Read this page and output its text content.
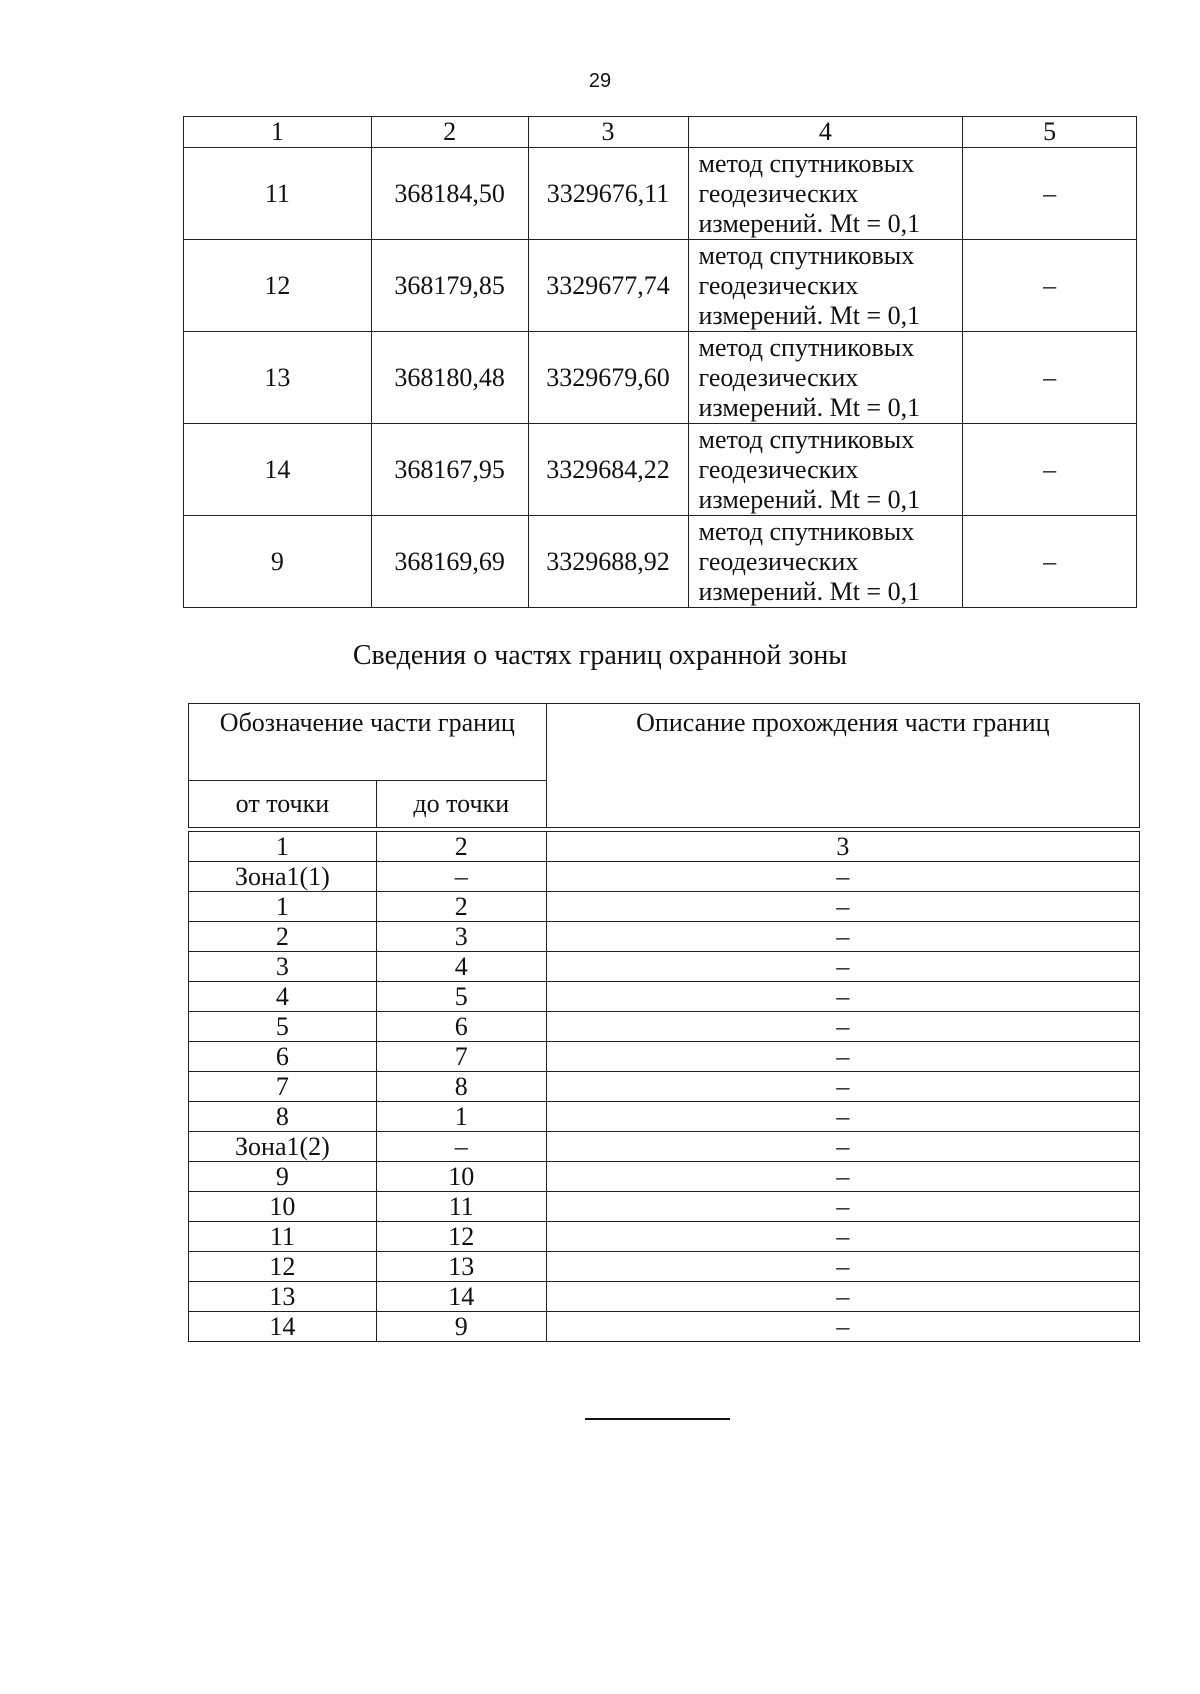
29
1	2	3	4	5
11	368184,50	3329676,11	метод спутниковых
геодезических
измерений. Mt = 0,1	–
12	368179,85	3329677,74	метод спутниковых
геодезических
измерений. Mt = 0,1	–
13	368180,48	3329679,60	метод спутниковых
геодезических
измерений. Mt = 0,1	–
14	368167,95	3329684,22	метод спутниковых
геодезических
измерений. Mt = 0,1	–
9	368169,69	3329688,92	метод спутниковых
геодезических
измерений. Mt = 0,1	–
Сведения о частях границ охранной зоны
Обозначение части границ		Описание прохождения части границ
от точки	до точки	

1	2	3
Зона1(1)	–	–
1	2	–
2	3	–
3	4	–
4	5	–
5	6	–
6	7	–
7	8	–
8	1	–
Зона1(2)	–	–
9	10	–
10	11	–
11	12	–
12	13	–
13	14	–
14	9	–
